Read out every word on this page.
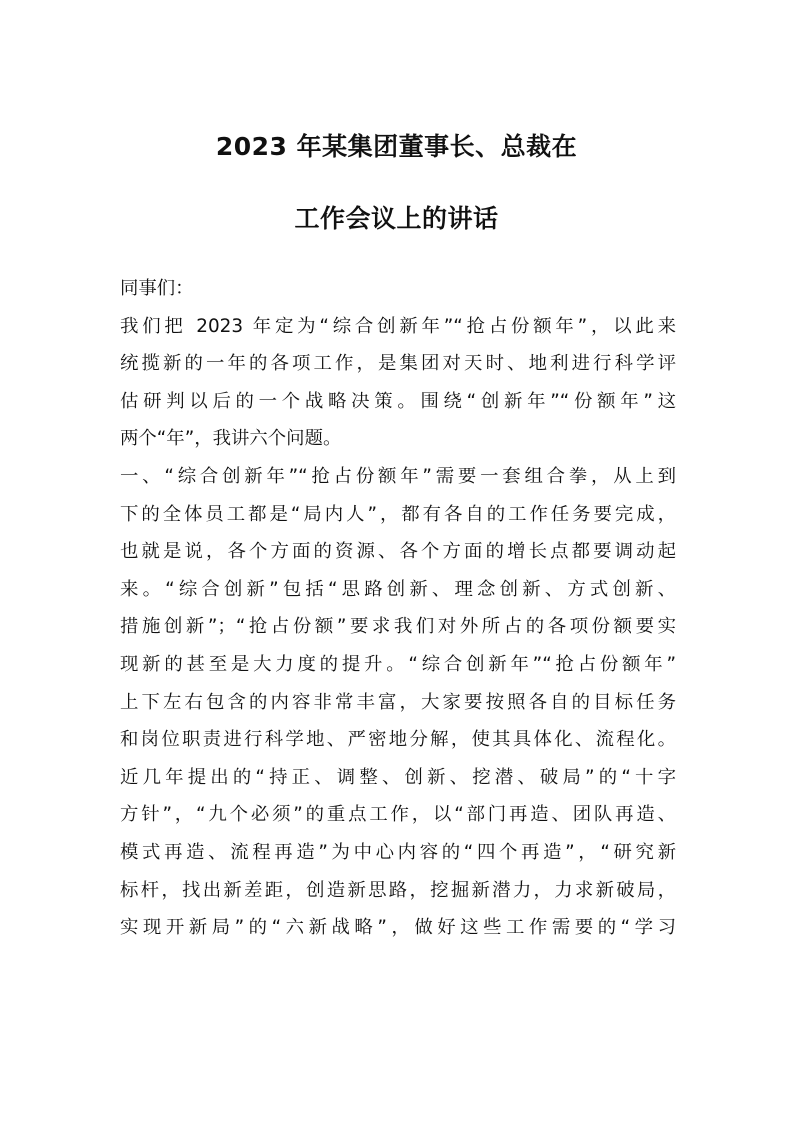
2023 年某集团董事长、总裁在
工作会议上的讲话
同事们：
我们把 2023 年定为“综合创新年”“抢占份额年”，以此来
统揽新的一年的各项工作，是集团对天时、地利进行科学评
估研判以后的一个战略决策。围绕“创新年”“份额年”这
两个“年”，我讲六个问题。
一、“综合创新年”“抢占份额年”需要一套组合拳，从上到
下的全体员工都是“局内人”，都有各自的工作任务要完成，
也就是说，各个方面的资源、各个方面的增长点都要调动起
来。“综合创新”包括“思路创新、理念创新、方式创新、
措施创新”；“抢占份额”要求我们对外所占的各项份额要实
现新的甚至是大力度的提升。“综合创新年”“抢占份额年”
上下左右包含的内容非常丰富，大家要按照各自的目标任务
和岗位职责进行科学地、严密地分解，使其具体化、流程化。
近几年提出的“持正、调整、创新、挖潜、破局”的“十字
方针”，“九个必须”的重点工作，以“部门再造、团队再造、
模式再造、流程再造”为中心内容的“四个再造”，“研究新
标杆，找出新差距，创造新思路，挖掘新潜力，力求新破局，
实现开新局”的“六新战略”，做好这些工作需要的“学习
